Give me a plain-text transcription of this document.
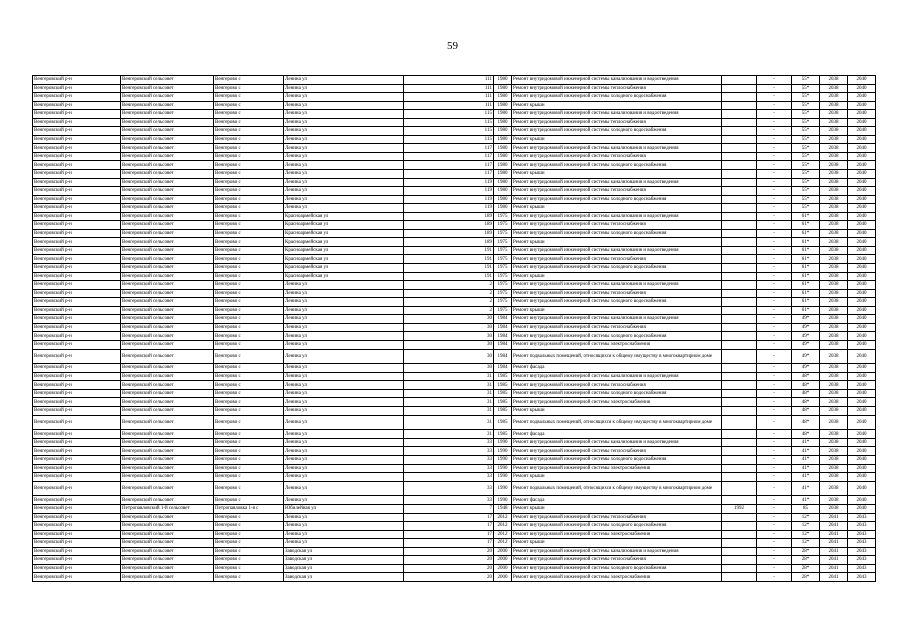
59
Венгеровский р-н	Венгеровский сельсовет	Венгерово с	Ленина ул	111	1980	Ремонт внутридомовой инженерной системы канализования и водоотведения		-	55*	2038	2040
Венгеровский р-н	Венгеровский сельсовет	Венгерово с	Ленина ул	111	1980	Ремонт внутридомовой инженерной системы теплоснабжения		-	55*	2038	2040
Венгеровский р-н	Венгеровский сельсовет	Венгерово с	Ленина ул	111	1980	Ремонт внутридомовой инженерной системы холодного водоснабжения		-	55*	2038	2040
Венгеровский р-н	Венгеровский сельсовет	Венгерово с	Ленина ул	111	1980	Ремонт крыши		-	55*	2038	2040
Венгеровский р-н	Венгеровский сельсовет	Венгерово с	Ленина ул	115	1980	Ремонт внутридомовой инженерной системы канализования и водоотведения		-	55*	2038	2040
Венгеровский р-н	Венгеровский сельсовет	Венгерово с	Ленина ул	115	1980	Ремонт внутридомовой инженерной системы теплоснабжения		-	55*	2038	2040
Венгеровский р-н	Венгеровский сельсовет	Венгерово с	Ленина ул	115	1980	Ремонт внутридомовой инженерной системы холодного водоснабжения		-	55*	2038	2040
Венгеровский р-н	Венгеровский сельсовет	Венгерово с	Ленина ул	115	1980	Ремонт крыши		-	55*	2038	2040
Венгеровский р-н	Венгеровский сельсовет	Венгерово с	Ленина ул	117	1980	Ремонт внутридомовой инженерной системы канализования и водоотведения		-	55*	2038	2040
Венгеровский р-н	Венгеровский сельсовет	Венгерово с	Ленина ул	117	1980	Ремонт внутридомовой инженерной системы теплоснабжения		-	55*	2038	2040
Венгеровский р-н	Венгеровский сельсовет	Венгерово с	Ленина ул	117	1980	Ремонт внутридомовой инженерной системы холодного водоснабжения		-	55*	2038	2040
Венгеровский р-н	Венгеровский сельсовет	Венгерово с	Ленина ул	117	1980	Ремонт крыши		-	55*	2038	2040
Венгеровский р-н	Венгеровский сельсовет	Венгерово с	Ленина ул	119	1980	Ремонт внутридомовой инженерной системы канализования и водоотведения		-	55*	2038	2040
Венгеровский р-н	Венгеровский сельсовет	Венгерово с	Ленина ул	119	1980	Ремонт внутридомовой инженерной системы теплоснабжения		-	55*	2038	2040
Венгеровский р-н	Венгеровский сельсовет	Венгерово с	Ленина ул	119	1980	Ремонт внутридомовой инженерной системы холодного водоснабжения		-	55*	2038	2040
Венгеровский р-н	Венгеровский сельсовет	Венгерово с	Ленина ул	119	1980	Ремонт крыши		-	55*	2038	2040
Венгеровский р-н	Венгеровский сельсовет	Венгерово с	Красноармейская ул	189	1975	Ремонт внутридомовой инженерной системы канализования и водоотведения		-	61*	2038	2040
Венгеровский р-н	Венгеровский сельсовет	Венгерово с	Красноармейская ул	189	1975	Ремонт внутридомовой инженерной системы теплоснабжения		-	61*	2038	2040
Венгеровский р-н	Венгеровский сельсовет	Венгерово с	Красноармейская ул	189	1975	Ремонт внутридомовой инженерной системы холодного водоснабжения		-	61*	2038	2040
Венгеровский р-н	Венгеровский сельсовет	Венгерово с	Красноармейская ул	189	1975	Ремонт крыши		-	61*	2038	2040
Венгеровский р-н	Венгеровский сельсовет	Венгерово с	Красноармейская ул	191	1975	Ремонт внутридомовой инженерной системы канализования и водоотведения		-	61*	2038	2040
Венгеровский р-н	Венгеровский сельсовет	Венгерово с	Красноармейская ул	191	1975	Ремонт внутридомовой инженерной системы теплоснабжения		-	61*	2038	2040
Венгеровский р-н	Венгеровский сельсовет	Венгерово с	Красноармейская ул	191	1975	Ремонт внутридомовой инженерной системы холодного водоснабжения		-	61*	2038	2040
Венгеровский р-н	Венгеровский сельсовет	Венгерово с	Красноармейская ул	191	1975	Ремонт крыши		-	61*	2038	2040
Венгеровский р-н	Венгеровский сельсовет	Венгерово с	Ленина ул	2	1975	Ремонт внутридомовой инженерной системы канализования и водоотведения		-	61*	2038	2040
Венгеровский р-н	Венгеровский сельсовет	Венгерово с	Ленина ул	2	1975	Ремонт внутридомовой инженерной системы теплоснабжения		-	61*	2038	2040
Венгеровский р-н	Венгеровский сельсовет	Венгерово с	Ленина ул	2	1975	Ремонт внутридомовой инженерной системы холодного водоснабжения		-	61*	2038	2040
Венгеровский р-н	Венгеровский сельсовет	Венгерово с	Ленина ул	2	1975	Ремонт крыши		-	61*	2038	2040
Венгеровский р-н	Венгеровский сельсовет	Венгерово с	Ленина ул	30	1984	Ремонт внутридомовой инженерной системы канализования и водоотведения		-	49*	2038	2040
Венгеровский р-н	Венгеровский сельсовет	Венгерово с	Ленина ул	30	1984	Ремонт внутридомовой инженерной системы теплоснабжения		-	49*	2038	2040
Венгеровский р-н	Венгеровский сельсовет	Венгерово с	Ленина ул	30	1984	Ремонт внутридомовой инженерной системы холодного водоснабжения		-	49*	2038	2040
Венгеровский р-н	Венгеровский сельсовет	Венгерово с	Ленина ул	30	1984	Ремонт внутридомовой инженерной системы электроснабжения		-	49*	2038	2040
Венгеровский р-н	Венгеровский сельсовет	Венгерово с	Ленина ул	30	1984	Ремонт подвальных помещений, относящихся к общему имуществу в многоквартирном доме		-	49*	2038	2040
Венгеровский р-н	Венгеровский сельсовет	Венгерово с	Ленина ул	30	1984	Ремонт фасада		-	49*	2038	2040
Венгеровский р-н	Венгеровский сельсовет	Венгерово с	Ленина ул	31	1985	Ремонт внутридомовой инженерной системы канализования и водоотведения		-	48*	2038	2040
Венгеровский р-н	Венгеровский сельсовет	Венгерово с	Ленина ул	31	1985	Ремонт внутридомовой инженерной системы теплоснабжения		-	48*	2038	2040
Венгеровский р-н	Венгеровский сельсовет	Венгерово с	Ленина ул	31	1985	Ремонт внутридомовой инженерной системы холодного водоснабжения		-	48*	2038	2040
Венгеровский р-н	Венгеровский сельсовет	Венгерово с	Ленина ул	31	1985	Ремонт внутридомовой инженерной системы электроснабжения		-	48*	2038	2040
Венгеровский р-н	Венгеровский сельсовет	Венгерово с	Ленина ул	31	1985	Ремонт крыши		-	48*	2038	2040
Венгеровский р-н	Венгеровский сельсовет	Венгерово с	Ленина ул	31	1985	Ремонт подвальных помещений, относящихся к общему имуществу в многоквартирном доме		-	48*	2038	2040
Венгеровский р-н	Венгеровский сельсовет	Венгерово с	Ленина ул	31	1985	Ремонт фасада		-	48*	2038	2040
Венгеровский р-н	Венгеровский сельсовет	Венгерово с	Ленина ул	33	1990	Ремонт внутридомовой инженерной системы канализования и водоотведения		-	41*	2038	2040
Венгеровский р-н	Венгеровский сельсовет	Венгерово с	Ленина ул	33	1990	Ремонт внутридомовой инженерной системы теплоснабжения		-	41*	2038	2040
Венгеровский р-н	Венгеровский сельсовет	Венгерово с	Ленина ул	33	1990	Ремонт внутридомовой инженерной системы холодного водоснабжения		-	41*	2038	2040
Венгеровский р-н	Венгеровский сельсовет	Венгерово с	Ленина ул	33	1990	Ремонт внутридомовой инженерной системы электроснабжения		-	41*	2038	2040
Венгеровский р-н	Венгеровский сельсовет	Венгерово с	Ленина ул	33	1990	Ремонт крыши		-	41*	2038	2040
Венгеровский р-н	Венгеровский сельсовет	Венгерово с	Ленина ул	33	1990	Ремонт подвальных помещений, относящихся к общему имуществу в многоквартирном доме		-	41*	2038	2040
Венгеровский р-н	Венгеровский сельсовет	Венгерово с	Ленина ул	33	1990	Ремонт фасада		-	41*	2038	2040
Венгеровский р-н	Петропавловский 1-й сельсовет	Петропавловка 1-я с	Юбилейная ул	7	1948	Ремонт крыши	1992	-	85	2038	2040
Венгеровский р-н	Венгеровский сельсовет	Венгерово с	Ленина ул	17	2012	Ремонт внутридомовой инженерной системы теплоснабжения		-	12*	2041	2043
Венгеровский р-н	Венгеровский сельсовет	Венгерово с	Ленина ул	17	2012	Ремонт внутридомовой инженерной системы холодного водоснабжения		-	12*	2041	2043
Венгеровский р-н	Венгеровский сельсовет	Венгерово с	Ленина ул	17	2012	Ремонт внутридомовой инженерной системы электроснабжения		-	12*	2041	2043
Венгеровский р-н	Венгеровский сельсовет	Венгерово с	Ленина ул	17	2012	Ремонт крыши		-	12*	2041	2043
Венгеровский р-н	Венгеровский сельсовет	Венгерово с	Заводская ул	20	2000	Ремонт внутридомовой инженерной системы канализования и водоотведения		-	28*	2041	2043
Венгеровский р-н	Венгеровский сельсовет	Венгерово с	Заводская ул	20	2000	Ремонт внутридомовой инженерной системы теплоснабжения		-	28*	2041	2043
Венгеровский р-н	Венгеровский сельсовет	Венгерово с	Заводская ул	20	2000	Ремонт внутридомовой инженерной системы холодного водоснабжения		-	28*	2041	2043
Венгеровский р-н	Венгеровский сельсовет	Венгерово с	Заводская ул	20	2000	Ремонт внутридомовой инженерной системы электроснабжения		-	28*	2041	2043
